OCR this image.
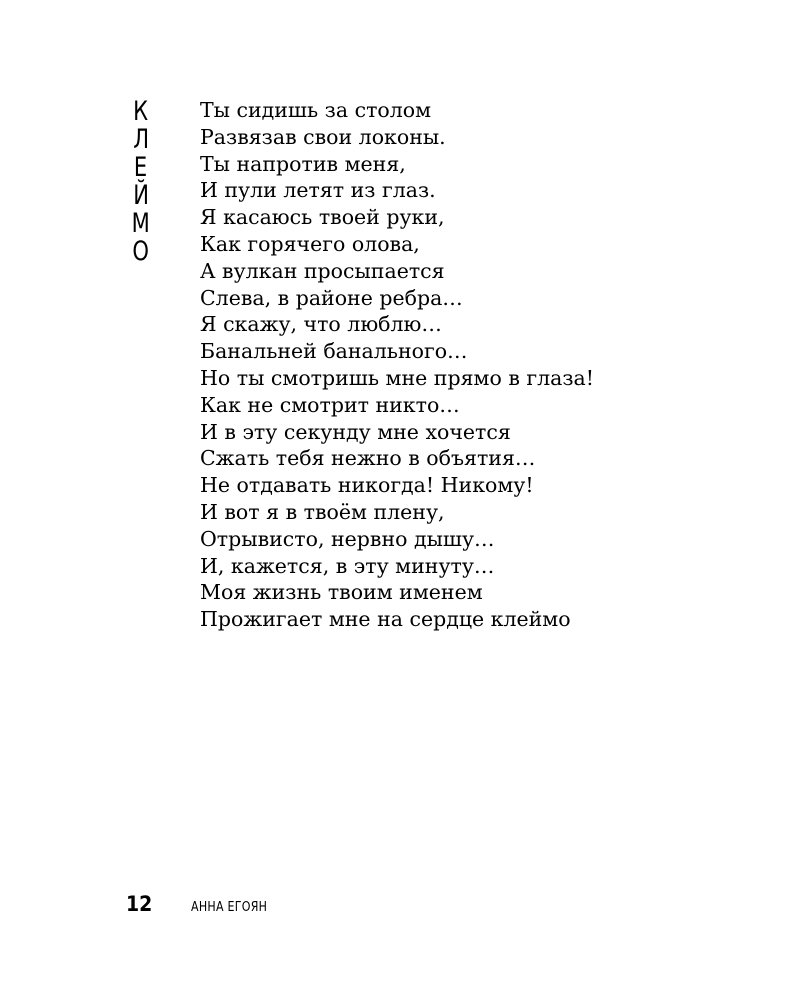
К
Л
Е
Й
М
О
Ты сидишь за столом
Развязав свои локоны.
Ты напротив меня,
И пули летят из глаз.
Я касаюсь твоей руки,
Как горячего олова,
А вулкан просыпается
Слева, в районе ребра…
Я скажу, что люблю…
Банальней банального…
Но ты смотришь мне прямо в глаза!
Как не смотрит никто…
И в эту секунду мне хочется
Сжать тебя нежно в объятия…
Не отдавать никогда! Никому!
И вот я в твоём плену,
Отрывисто, нервно дышу…
И, кажется, в эту минуту…
Моя жизнь твоим именем
Прожигает мне на сердце клеймо
12	АННА ЕГОЯН
